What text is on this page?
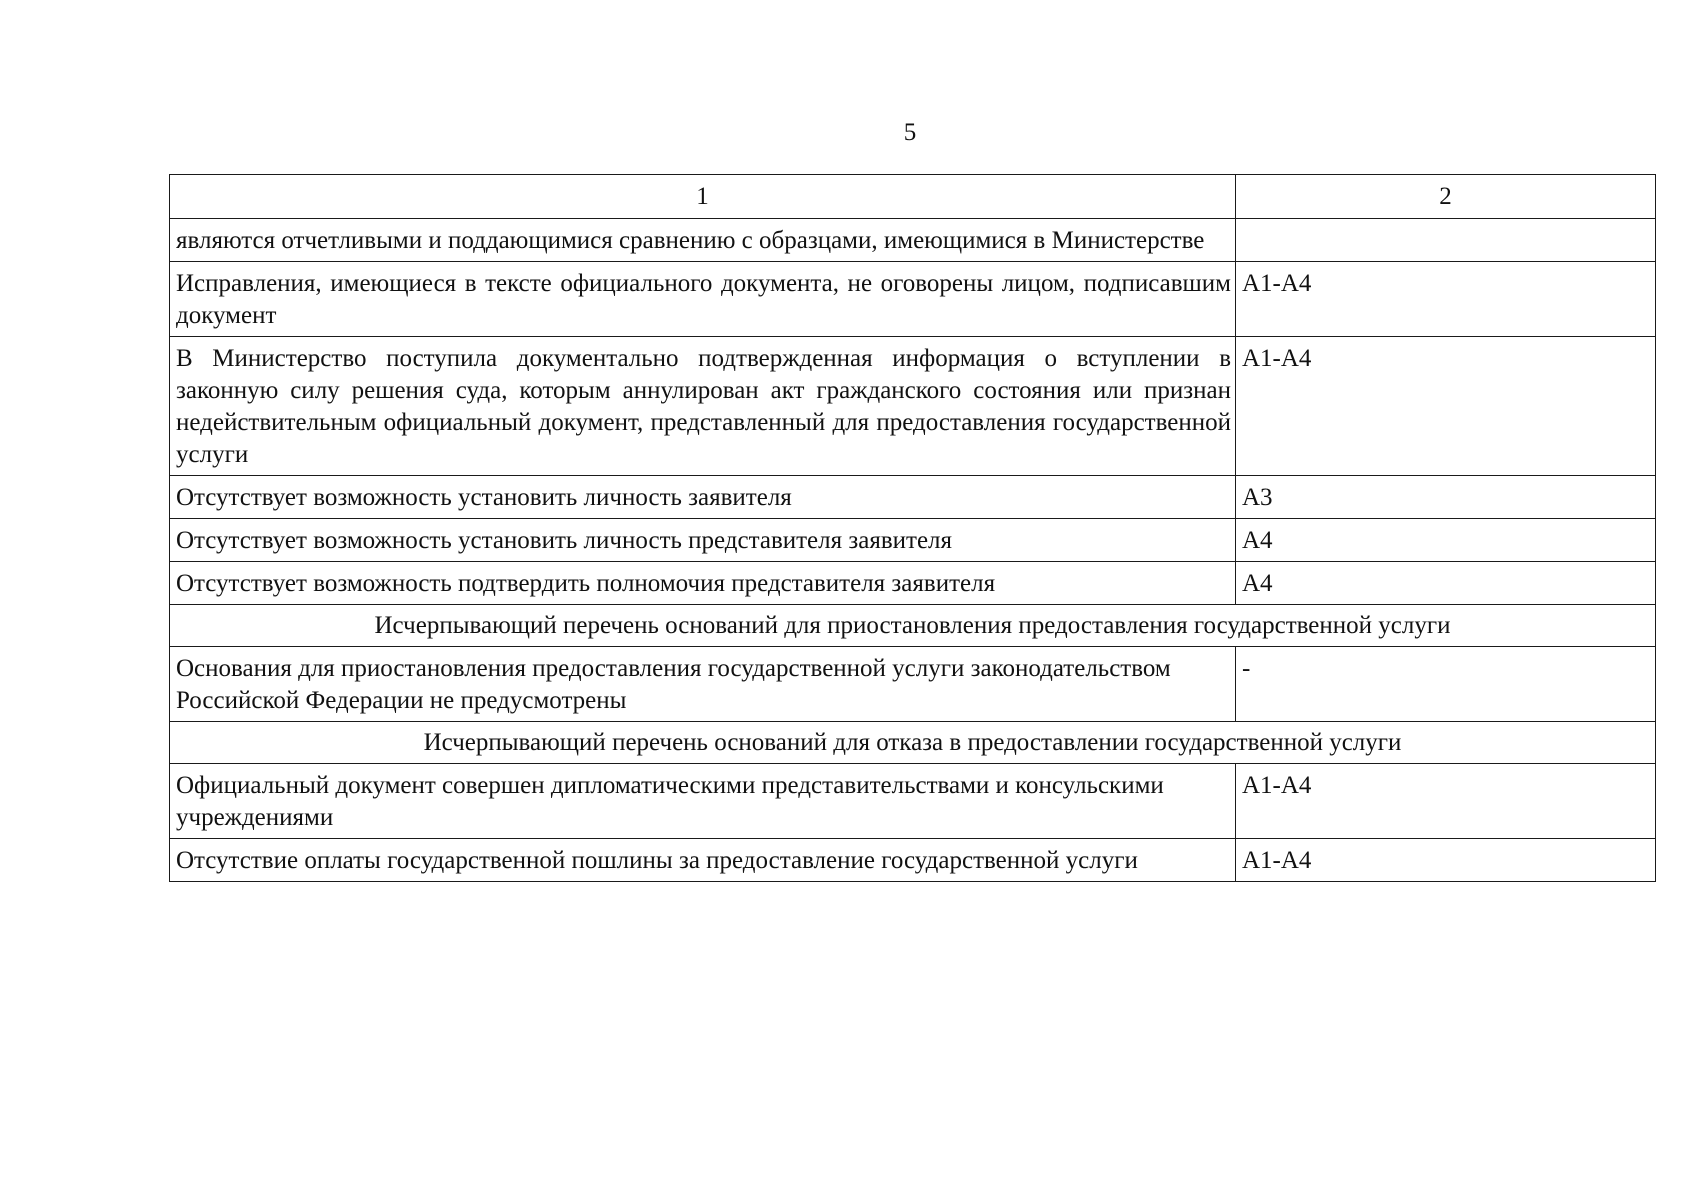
5
1	2
являются отчетливыми и поддающимися сравнению с образцами, имеющимися в Министерстве	
Исправления, имеющиеся в тексте официального документа, не оговорены лицом, подписавшим документ	А1-А4
В Министерство поступила документально подтвержденная информация о вступлении в законную силу решения суда, которым аннулирован акт гражданского состояния или признан недействительным официальный документ, представленный для предоставления государственной услуги	А1-А4
Отсутствует возможность установить личность заявителя	А3
Отсутствует возможность установить личность представителя заявителя	А4
Отсутствует возможность подтвердить полномочия представителя заявителя	А4
Исчерпывающий перечень оснований для приостановления предоставления государственной услуги	
Основания для приостановления предоставления государственной услуги законодательством Российской Федерации не предусмотрены	-
Исчерпывающий перечень оснований для отказа в предоставлении государственной услуги	
Официальный документ совершен дипломатическими представительствами и консульскими учреждениями	А1-А4
Отсутствие оплаты государственной пошлины за предоставление государственной услуги	А1-А4
